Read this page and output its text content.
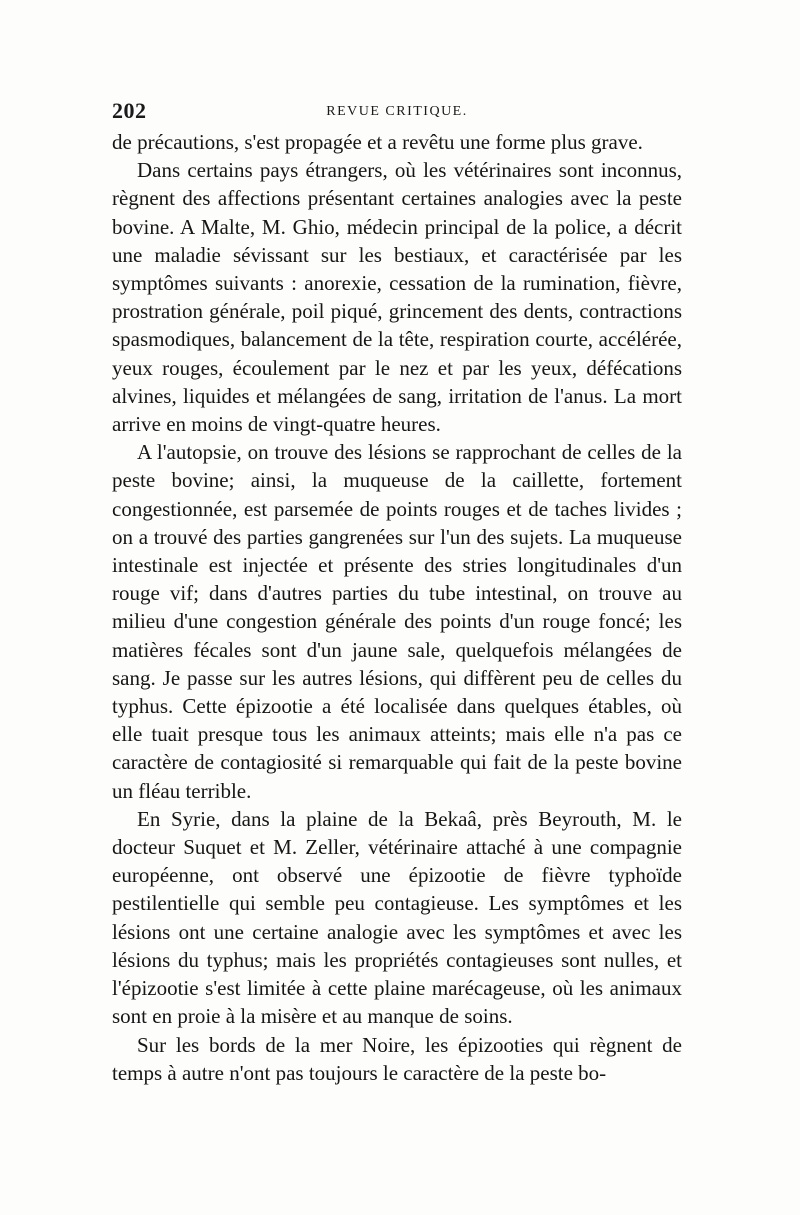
202	REVUE CRITIQUE.

de précautions, s'est propagée et a revêtu une forme plus grave.

Dans certains pays étrangers, où les vétérinaires sont inconnus, règnent des affections présentant certaines analogies avec la peste bovine. A Malte, M. Ghio, médecin principal de la police, a décrit une maladie sévissant sur les bestiaux, et caractérisée par les symptômes suivants : anorexie, cessation de la rumination, fièvre, prostration générale, poil piqué, grincement des dents, contractions spasmodiques, balancement de la tête, respiration courte, accélérée, yeux rouges, écoulement par le nez et par les yeux, défécations alvines, liquides et mélangées de sang, irritation de l'anus. La mort arrive en moins de vingt-quatre heures.

A l'autopsie, on trouve des lésions se rapprochant de celles de la peste bovine; ainsi, la muqueuse de la caillette, fortement congestionnée, est parsemée de points rouges et de taches livides ; on a trouvé des parties gangrenées sur l'un des sujets. La muqueuse intestinale est injectée et présente des stries longitudinales d'un rouge vif; dans d'autres parties du tube intestinal, on trouve au milieu d'une congestion générale des points d'un rouge foncé; les matières fécales sont d'un jaune sale, quelquefois mélangées de sang. Je passe sur les autres lésions, qui diffèrent peu de celles du typhus. Cette épizootie a été localisée dans quelques étables, où elle tuait presque tous les animaux atteints; mais elle n'a pas ce caractère de contagiosité si remarquable qui fait de la peste bovine un fléau terrible.

En Syrie, dans la plaine de la Bekaâ, près Beyrouth, M. le docteur Suquet et M. Zeller, vétérinaire attaché à une compagnie européenne, ont observé une épizootie de fièvre typhoïde pestilentielle qui semble peu contagieuse. Les symptômes et les lésions ont une certaine analogie avec les symptômes et avec les lésions du typhus; mais les propriétés contagieuses sont nulles, et l'épizootie s'est limitée à cette plaine marécageuse, où les animaux sont en proie à la misère et au manque de soins.

Sur les bords de la mer Noire, les épizooties qui règnent de temps à autre n'ont pas toujours le caractère de la peste bo-
